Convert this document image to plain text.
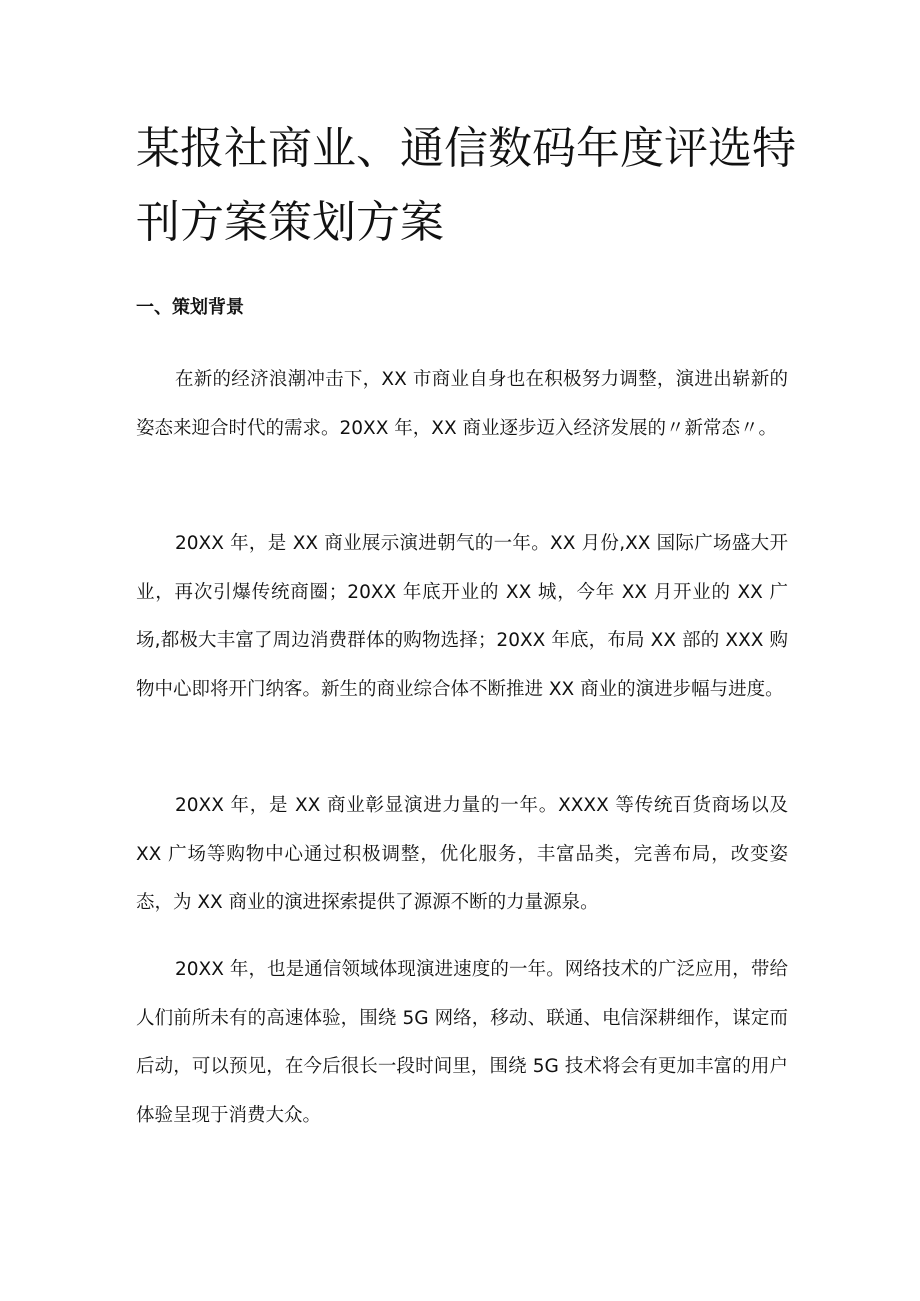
某报社商业、通信数码年度评选特
刊方案策划方案
一、策划背景

在新的经济浪潮冲击下，XX 市商业自身也在积极努力调整，演进出崭新的姿态来迎合时代的需求。20XX 年，XX 商业逐步迈入经济发展的〃新常态〃。

20XX 年，是 XX 商业展示演进朝气的一年。XX 月份,XX 国际广场盛大开业，再次引爆传统商圈；20XX 年底开业的 XX 城，今年 XX 月开业的 XX 广场,都极大丰富了周边消费群体的购物选择；20XX 年底，布局 XX 部的 XXX 购物中心即将开门纳客。新生的商业综合体不断推进 XX 商业的演进步幅与进度。

20XX 年，是 XX 商业彰显演进力量的一年。XXXX 等传统百货商场以及 XX 广场等购物中心通过积极调整，优化服务，丰富品类，完善布局，改变姿态，为 XX 商业的演进探索提供了源源不断的力量源泉。

20XX 年，也是通信领域体现演进速度的一年。网络技术的广泛应用，带给人们前所未有的高速体验，围绕 5G 网络，移动、联通、电信深耕细作，谋定而后动，可以预见，在今后很长一段时间里，围绕 5G 技术将会有更加丰富的用户体验呈现于消费大众。
